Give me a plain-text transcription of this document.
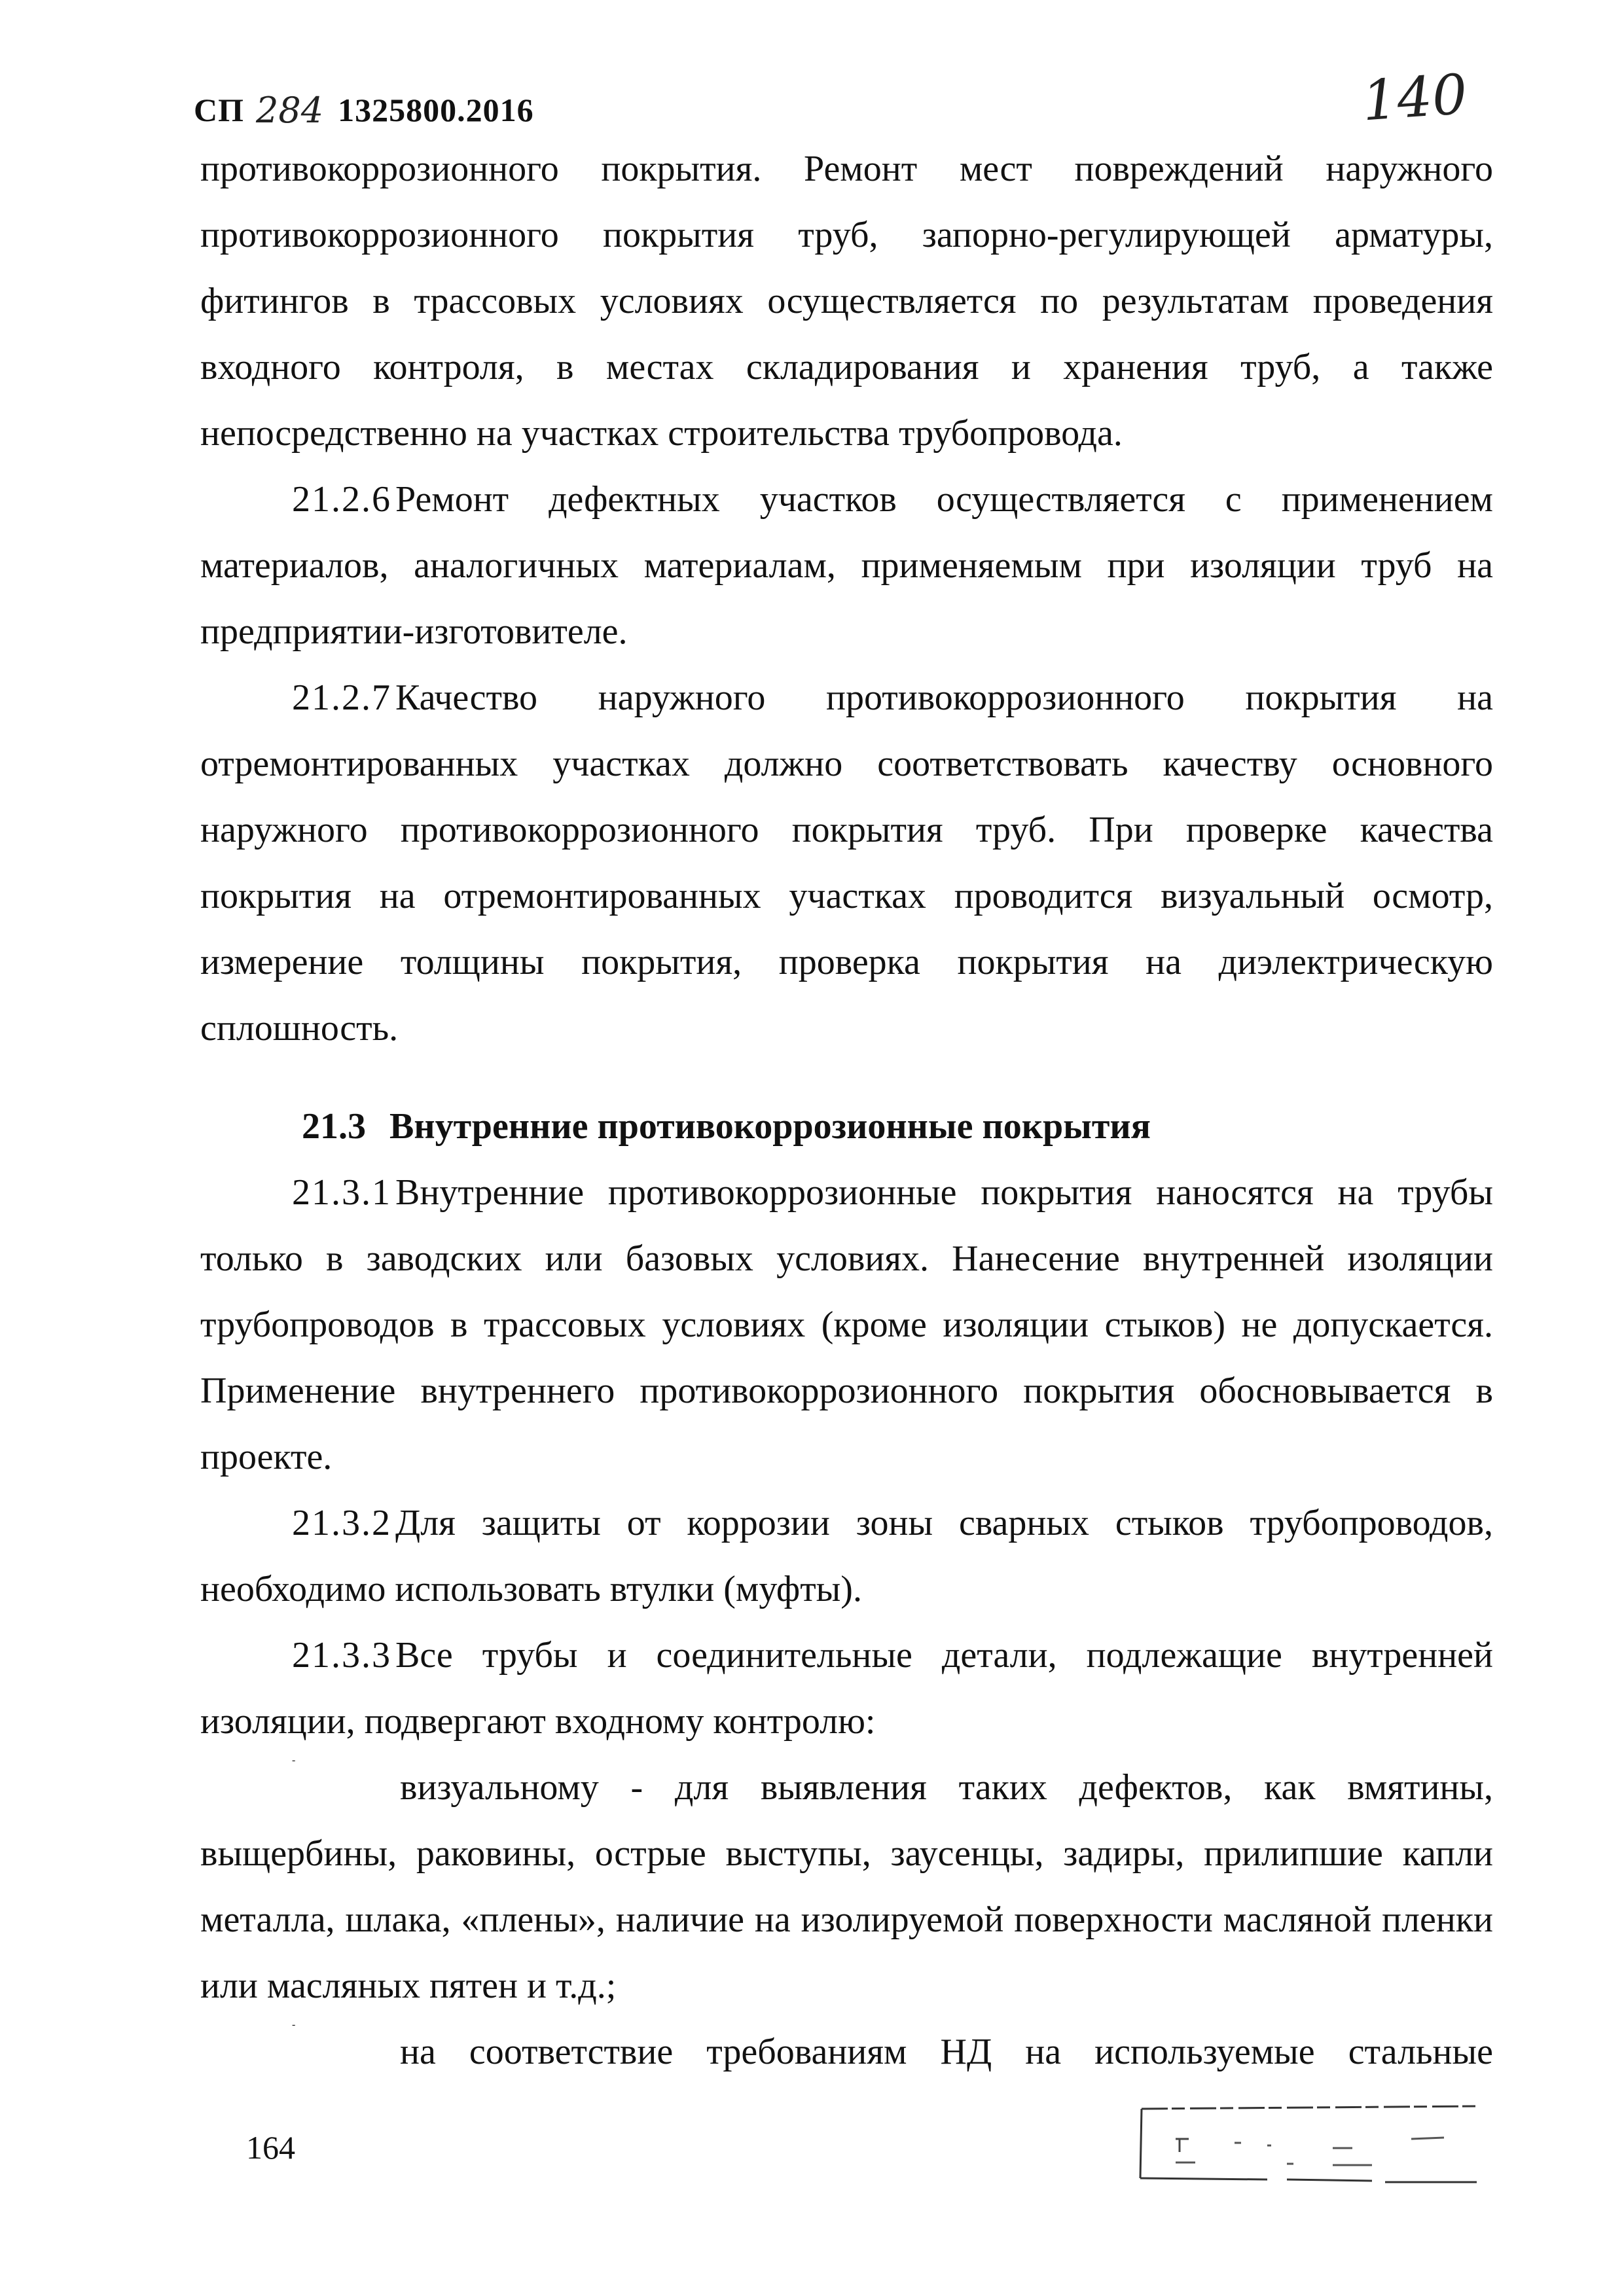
СП 284 1325800.2016	140

противокоррозионного покрытия. Ремонт мест повреждений наружного противокоррозионного покрытия труб, запорно-регулирующей арматуры, фитингов в трассовых условиях осуществляется по результатам проведения входного контроля, в местах складирования и хранения труб, а также непосредственно на участках строительства трубопровода.

21.2.6 Ремонт дефектных участков осуществляется с применением материалов, аналогичных материалам, применяемым при изоляции труб на предприятии-изготовителе.

21.2.7 Качество наружного противокоррозионного покрытия на отремонтированных участках должно соответствовать качеству основного наружного противокоррозионного покрытия труб. При проверке качества покрытия на отремонтированных участках проводится визуальный осмотр, измерение толщины покрытия, проверка покрытия на диэлектрическую сплошность.

21.3 Внутренние противокоррозионные покрытия

21.3.1 Внутренние противокоррозионные покрытия наносятся на трубы только в заводских или базовых условиях. Нанесение внутренней изоляции трубопроводов в трассовых условиях (кроме изоляции стыков) не допускается. Применение внутреннего противокоррозионного покрытия обосновывается в проекте.

21.3.2 Для защиты от коррозии зоны сварных стыков трубопроводов, необходимо использовать втулки (муфты).

21.3.3 Все трубы и соединительные детали, подлежащие внутренней изоляции, подвергают входному контролю:

-

визуальному - для выявления таких дефектов, как вмятины,

выщербины, раковины, острые выступы, заусенцы, задиры, прилипшие капли металла, шлака, «плены», наличие на изолируемой поверхности масляной пленки или масляных пятен и т.д.;

-

на соответствие требованиям НД на используемые стальные

164
